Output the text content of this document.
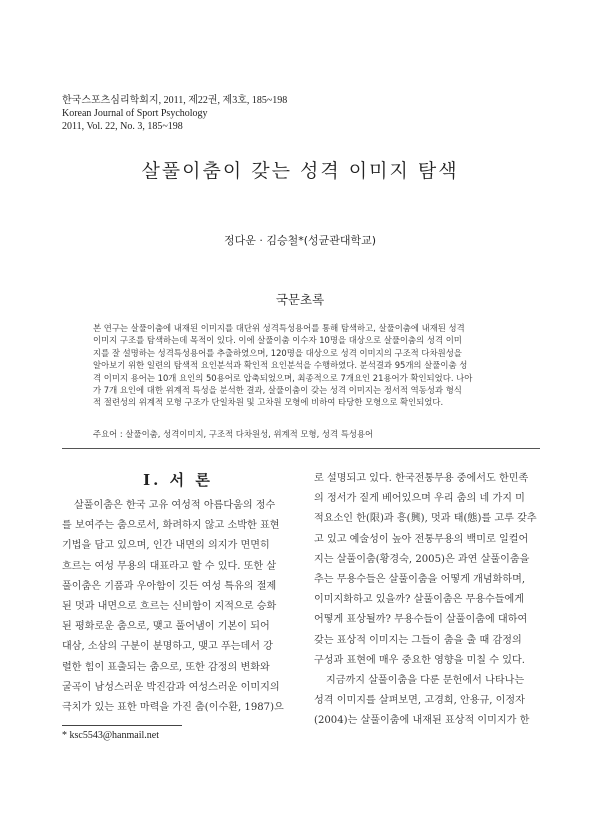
한국스포츠심리학회지, 2011, 제22권, 제3호, 185~198
Korean Journal of Sport Psychology
2011, Vol. 22, No. 3, 185~198
살풀이춤이 갖는 성격 이미지 탐색
정다운 · 김승철*(성균관대학교)
국문초록
본 연구는 살풀이춤에 내재된 이미지를 대단위 성격특성용어를 통해 탐색하고, 살풀이춤에 내재된 성격
이미지 구조를 탐색하는데 목적이 있다. 이에 살풀이춤 이수자 10명을 대상으로 살풀이춤의 성격 이미
지를 잘 설명하는 성격특성용어를 추출하였으며, 120명을 대상으로 성격 이미지의 구조적 다차원성을
알아보기 위한 일련의 탐색적 요인분석과 확인적 요인분석을 수행하였다. 분석결과 95개의 살풀이춤 성
격 이미지 용어는 10개 요인의 50용어로 압축되었으며, 최종적으로 7개요인 21용어가 확인되었다. 나아
가 7개 요인에 대한 위계적 특성을 분석한 결과, 살풀이춤이 갖는 성격 이미지는 정서적 역동성과 형식
적 절련성의 위계적 모형 구조가 단일차원 및 고차원 모형에 비하여 타당한 모형으로 확인되었다.
주요어 : 살풀이춤, 성격이미지, 구조적 다차원성, 위계적 모형, 성격 특성용어
I. 서 론
살풀이춤은 한국 고유 여성적 아름다움의 정수
를 보여주는 춤으로서, 화려하지 않고 소박한 표현
기법을 담고 있으며, 인간 내면의 의지가 면면히
흐르는 여성 무용의 대표라고 할 수 있다. 또한 살
풀이춤은 기품과 우아함이 깃든 여성 특유의 절제
된 멋과 내면으로 흐르는 신비함이 지적으로 승화
된 평화로운 춤으로, 맺고 풀어냄이 기본이 되어
대삼, 소삼의 구분이 분명하고, 맺고 푸는데서 강
렬한 힘이 표출되는 춤으로, 또한 감정의 변화와
굴곡이 남성스러운 박진감과 여성스러운 이미지의
극치가 있는 표한 마력을 가진 춤(이수환, 1987)으
로 설명되고 있다. 한국전통무용 중에서도 한민족
의 정서가 짙게 베어있으며 우리 춤의 네 가지 미
적요소인 한(限)과 흥(興), 멋과 태(態)를 고루 갖추
고 있고 예술성이 높아 전통무용의 백미로 일컬어
지는 살풀이춤(황경숙, 2005)은 과연 살풀이춤을
추는 무용수들은 살풀이춤을 어떻게 개념화하며,
이미지화하고 있을까? 살풀이춤은 무용수들에게
어떻게 표상될까? 무용수들이 살풀이춤에 대하여
갖는 표상적 이미지는 그들이 춤을 출 때 감정의
구성과 표현에 매우 중요한 영향을 미칠 수 있다.
지금까지 살풀이춤을 다룬 문헌에서 나타나는
성격 이미지를 살펴보면, 고경희, 안용규, 이정자
(2004)는 살풀이춤에 내재된 표상적 이미지가 한
* ksc5543@hanmail.net
